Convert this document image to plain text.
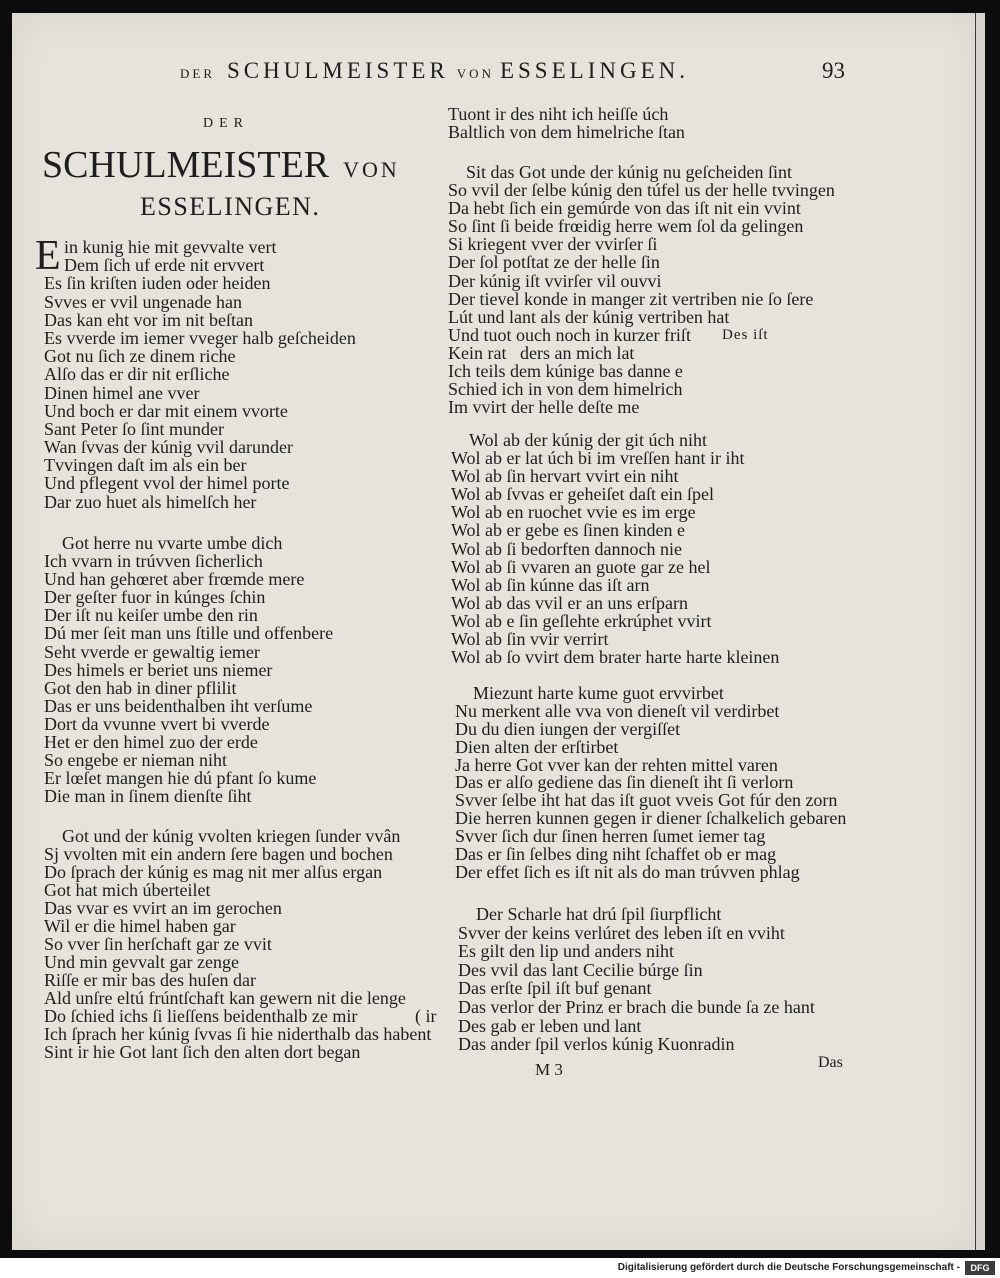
DER SCHULMEISTER VON ESSELINGEN.	93
DER
SCHULMEISTER VON
ESSELINGEN.
E in kunig hie mit gevvalte vert
Dem ſich uf erde nit ervvert
Es ſin kriſten iuden oder heiden
Svves er vvil ungenade han
Das kan eht vor im nit beſtan
Es vverde im iemer vveger halb geſcheiden
Got nu ſich ze dinem riche
Alſo das er dir nit erſliche
Dinen himel ane vver
Und boch er dar mit einem vvorte
Sant Peter ſo ſint munder
Wan ſvvas der kúnig vvil darunder
Tvvingen daſt im als ein ber
Und pflegent vvol der himel porte
Dar zuo huet als himelſch her
Got herre nu vvarte umbe dich
Ich vvarn in trúvven ſicherlich
Und han gehœret aber frœmde mere
Der geſter fuor in kúnges ſchin
Der iſt nu keiſer umbe den rin
Dú mer ſeit man uns ſtille und offenbere
Seht vverde er gewaltig iemer
Des himels er beriet uns niemer
Got den hab in diner pflilit
Das er uns beidenthalben iht verſume
Dort da vvunne vvert bi vverde
Het er den himel zuo der erde
So engebe er nieman niht
Er lœſet mangen hie dú pfant ſo kume
Die man in ſinem dienſte ſiht
Got und der kúnig vvolten kriegen ſunder vvân
Sj vvolten mit ein andern ſere bagen und bochen
Do ſprach der kúnig es mag nit mer alſus ergan
Got hat mich úberteilet
Das vvar es vvirt an im gerochen
Wil er die himel haben gar
So vver ſin herſchaft gar ze vvit
Und min gevvalt gar zenge
Riſſe er mir bas des huſen dar
Ald unſre eltú frúntſchaft kan gewern nit die lenge
Do ſchied ichs ſi lieſſens beidenthalb ze mir	( ir
Ich ſprach her kúnig ſvvas ſi hie niderthalb das habent
Sint ir hie Got lant ſich den alten dort began
Tuont ir des niht ich heiſſe úch
Baltlich von dem himelriche ſtan
Sit das Got unde der kúnig nu geſcheiden ſint
So vvil der ſelbe kúnig den túfel us der helle tvvingen
Da hebt ſich ein gemúrde von das iſt nit ein vvint
So ſint ſi beide frœidig herre wem ſol da gelingen
Si kriegent vver der vvirſer ſi
Der ſol potſtat ze der helle ſin
Der kúnig iſt vvirſer vil ouvvi
Der tievel konde in manger zit vertriben nie ſo ſere
Lút und lant als der kúnig vertriben hat
Und tuot ouch noch in kurzer friſt Des iſt
Kein rat   ders an mich lat
Ich teils dem kúnige bas danne e
Schied ich in von dem himelrich
Im vvirt der helle deſte me
Wol ab der kúnig der git úch niht
Wol ab er lat úch bi im vreſſen hant ir iht
Wol ab ſin hervart vvirt ein niht
Wol ab ſvvas er geheiſet daſt ein ſpel
Wol ab en ruochet vvie es im erge
Wol ab er gebe es ſinen kinden e
Wol ab ſi bedorften dannoch nie
Wol ab ſi vvaren an guote gar ze hel
Wol ab ſin kúnne das iſt arn
Wol ab das vvil er an uns erſparn
Wol ab e ſin geſlehte erkrúphet vvirt
Wol ab ſin vvir verrirt
Wol ab ſo vvirt dem brater harte harte kleinen
Miezunt harte kume guot ervvirbet
Nu merkent alle vva von dieneſt vil verdirbet
Du du dien iungen der vergiſſet
Dien alten der erſtirbet
Ja herre Got vver kan der rehten mittel varen
Das er alſo gediene das ſin dieneſt iht ſi verlorn
Svver ſelbe iht hat das iſt guot vveis Got fúr den zorn
Die herren kunnen gegen ir diener ſchalkelich gebaren
Svver ſich dur ſinen herren ſumet iemer tag
Das er ſin ſelbes ding niht ſchaffet ob er mag
Der effet ſich es iſt nit als do man trúvven phlag
Der Scharle hat drú ſpil ſiurpflicht
Svver der keins verlúret des leben iſt en vviht
Es gilt den lip und anders niht
Des vvil das lant Cecilie búrge ſin
Das erſte ſpil iſt buf genant
Das verlor der Prinz er brach die bunde ſa ze hant
Des gab er leben und lant
Das ander ſpil verlos kúnig Kuonradin
M 3	Das
Digitalisierung gefördert durch die Deutsche Forschungsgemeinschaft -	DFG
